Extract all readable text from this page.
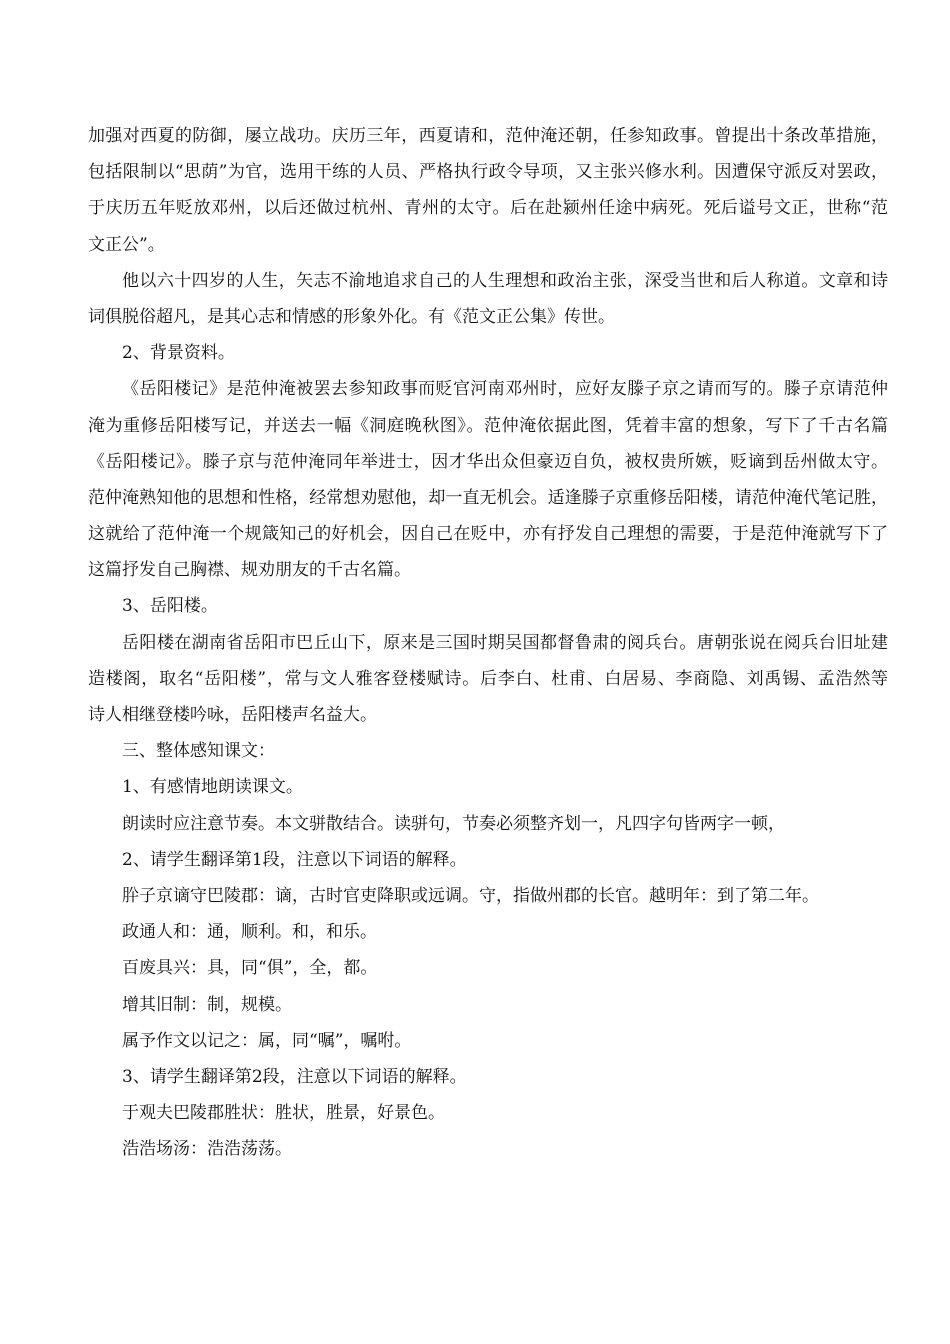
加强对西夏的防御，屡立战功。庆历三年，西夏请和，范仲淹还朝，任参知政事。曾提出十条改革措施，
包括限制以“思荫”为官，选用干练的人员、严格执行政令导项，又主张兴修水利。因遭保守派反对罢政，
于庆历五年贬放邓州，以后还做过杭州、青州的太守。后在赴颍州任途中病死。死后谥号文正，世称“范
文正公”。
他以六十四岁的人生，矢志不渝地追求自己的人生理想和政治主张，深受当世和后人称道。文章和诗
词俱脱俗超凡，是其心志和情感的形象外化。有《范文正公集》传世。
2、背景资料。
《岳阳楼记》是范仲淹被罢去参知政事而贬官河南邓州时，应好友滕子京之请而写的。滕子京请范仲
淹为重修岳阳楼写记，并送去一幅《洞庭晚秋图》。范仲淹依据此图，凭着丰富的想象，写下了千古名篇
《岳阳楼记》。滕子京与范仲淹同年举进士，因才华出众但豪迈自负，被权贵所嫉，贬谪到岳州做太守。
范仲淹熟知他的思想和性格，经常想劝慰他，却一直无机会。适逢滕子京重修岳阳楼，请范仲淹代笔记胜，
这就给了范仲淹一个规箴知己的好机会，因自己在贬中，亦有抒发自己理想的需要，于是范仲淹就写下了
这篇抒发自己胸襟、规劝朋友的千古名篇。
3、岳阳楼。
岳阳楼在湖南省岳阳市巴丘山下，原来是三国时期吴国都督鲁肃的阅兵台。唐朝张说在阅兵台旧址建
造楼阁，取名“岳阳楼”，常与文人雅客登楼赋诗。后李白、杜甫、白居易、李商隐、刘禹锡、孟浩然等
诗人相继登楼吟咏，岳阳楼声名益大。
三、整体感知课文：
1、有感情地朗读课文。
朗读时应注意节奏。本文骈散结合。读骈句，节奏必须整齐划一，凡四字句皆两字一顿，
2、请学生翻译第1段，注意以下词语的解释。
肸子京谪守巴陵郡：谪，古时官吏降职或远调。守，指做州郡的长官。越明年：到了第二年。
政通人和：通，顺利。和，和乐。
百废具兴：具，同“俱”，全，都。
增其旧制：制，规模。
属予作文以记之：属，同“嘱”，嘱咐。
3、请学生翻译第2段，注意以下词语的解释。
于观夫巴陵郡胜状：胜状，胜景，好景色。
浩浩场汤：浩浩荡荡。
